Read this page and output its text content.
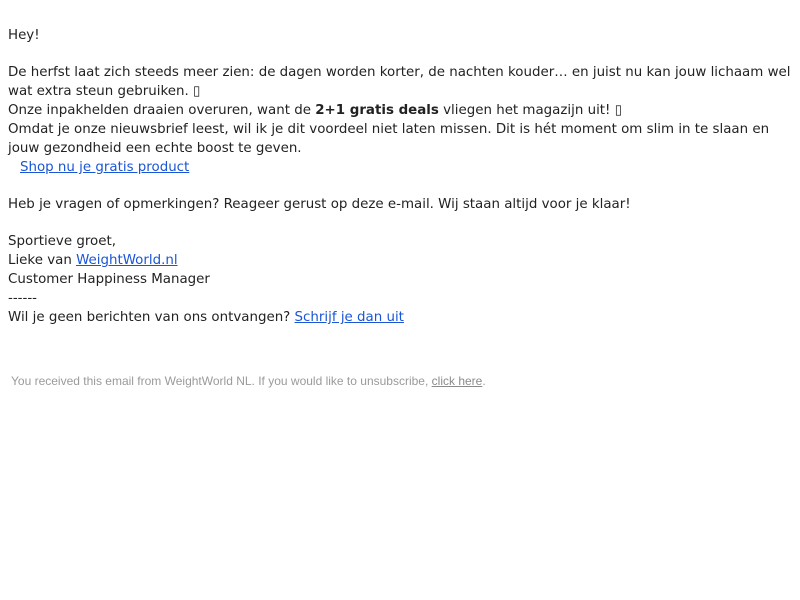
Hey!

De herfst laat zich steeds meer zien: de dagen worden korter, de nachten kouder… en juist nu kan jouw lichaam wel wat extra steun gebruiken. ▯
Onze inpakhelden draaien overuren, want de 2+1 gratis deals vliegen het magazijn uit! ▯
Omdat je onze nieuwsbrief leest, wil ik je dit voordeel niet laten missen. Dit is hét moment om slim in te slaan en jouw gezondheid een echte boost te geven.
Shop nu je gratis product

Heb je vragen of opmerkingen? Reageer gerust op deze e-mail. Wij staan altijd voor je klaar!

Sportieve groet,
Lieke van WeightWorld.nl
Customer Happiness Manager
------
Wil je geen berichten van ons ontvangen? Schrijf je dan uit

You received this email from WeightWorld NL. If you would like to unsubscribe, click here.
